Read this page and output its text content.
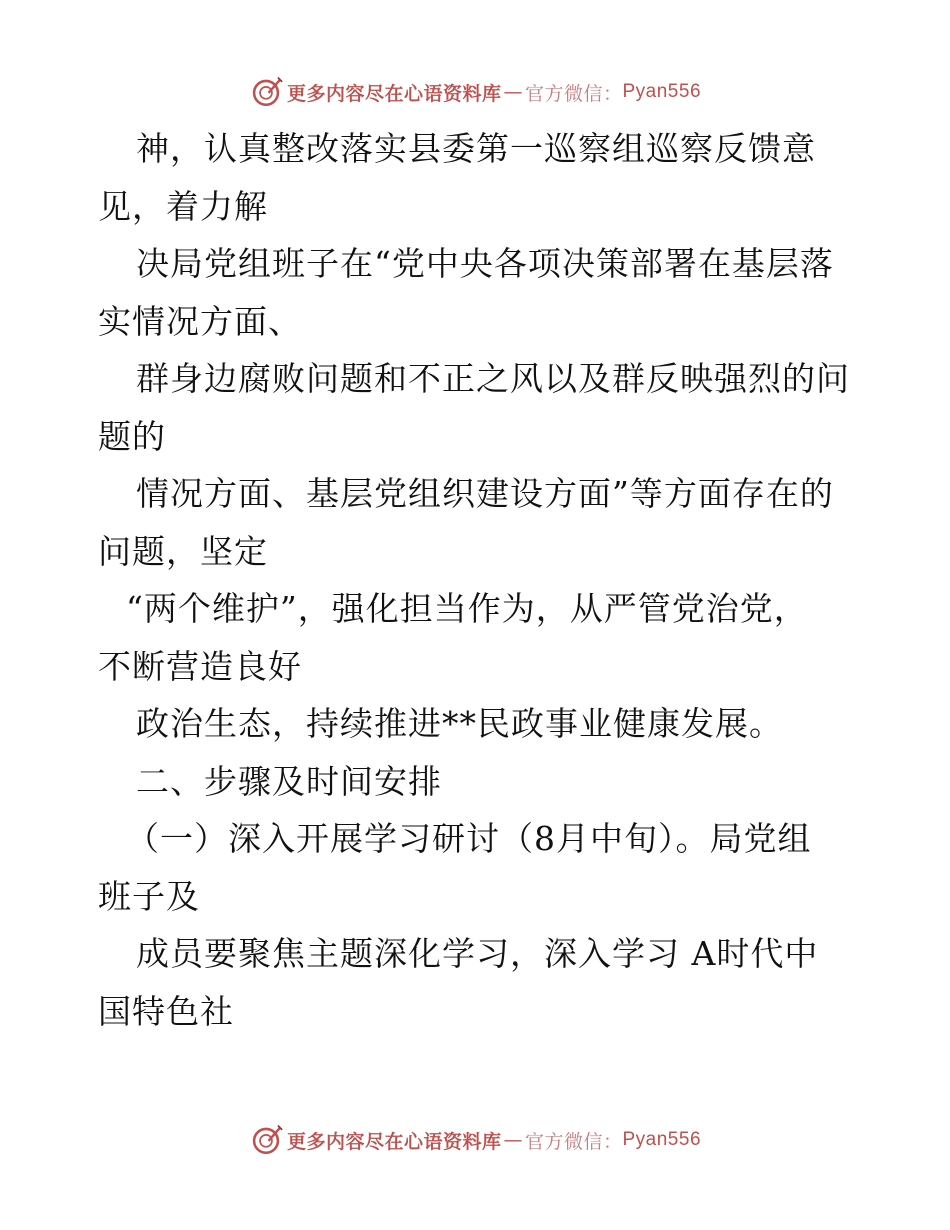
更多内容尽在心语资料库 — 官方微信： Pyan556
神，认真整改落实县委第一巡察组巡察反馈意
见，着力解
决局党组班子在“党中央各项决策部署在基层落
实情况方面、
群身边腐败问题和不正之风以及群反映强烈的问
题的
情况方面、基层党组织建设方面”等方面存在的
问题，坚定
“两个维护”，强化担当作为，从严管党治党，
不断营造良好
政治生态，持续推进**民政事业健康发展。
二、步骤及时间安排
（一）深入开展学习研讨（8月中旬）。局党组
班子及
成员要聚焦主题深化学习，深入学习 A时代中
国特色社
更多内容尽在心语资料库 — 官方微信： Pyan556
